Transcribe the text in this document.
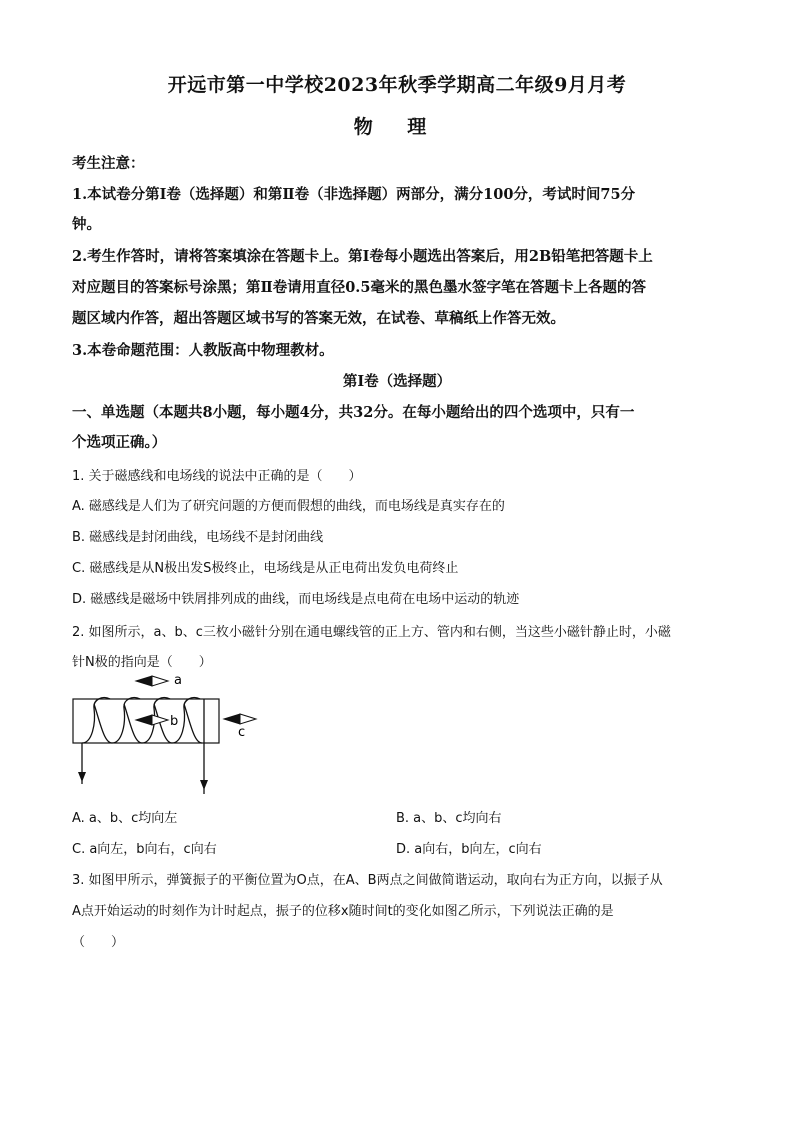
开远市第一中学校2023年秋季学期高二年级9月月考
物 理
考生注意：
1.本试卷分第Ⅰ卷（选择题）和第Ⅱ卷（非选择题）两部分，满分100分，考试时间75分
钟。
2.考生作答时，请将答案填涂在答题卡上。第Ⅰ卷每小题选出答案后，用2B铅笔把答题卡上
对应题目的答案标号涂黑；第Ⅱ卷请用直径0.5毫米的黑色墨水签字笔在答题卡上各题的答
题区域内作答，超出答题区域书写的答案无效，在试卷、草稿纸上作答无效。
3.本卷命题范围：人教版高中物理教材。
第Ⅰ卷（选择题）
一、单选题（本题共8小题，每小题4分，共32分。在每小题给出的四个选项中，只有一
个选项正确。）
1. 关于磁感线和电场线的说法中正确的是（　　）
A. 磁感线是人们为了研究问题的方便而假想的曲线，而电场线是真实存在的
B. 磁感线是封闭曲线，电场线不是封闭曲线
C. 磁感线是从N极出发S极终止，电场线是从正电荷出发负电荷终止
D. 磁感线是磁场中铁屑排列成的曲线，而电场线是点电荷在电场中运动的轨迹
2. 如图所示，a、b、c三枚小磁针分别在通电螺线管的正上方、管内和右侧，当这些小磁针静止时，小磁
针N极的指向是（　　）
a
b
c
A. a、b、c均向左	B. a、b、c均向右
C. a向左，b向右，c向右	D. a向右，b向左，c向右
3. 如图甲所示，弹簧振子的平衡位置为O点，在A、B两点之间做简谐运动，取向右为正方向，以振子从
A点开始运动的时刻作为计时起点，振子的位移x随时间t的变化如图乙所示，下列说法正确的是
（　　）
